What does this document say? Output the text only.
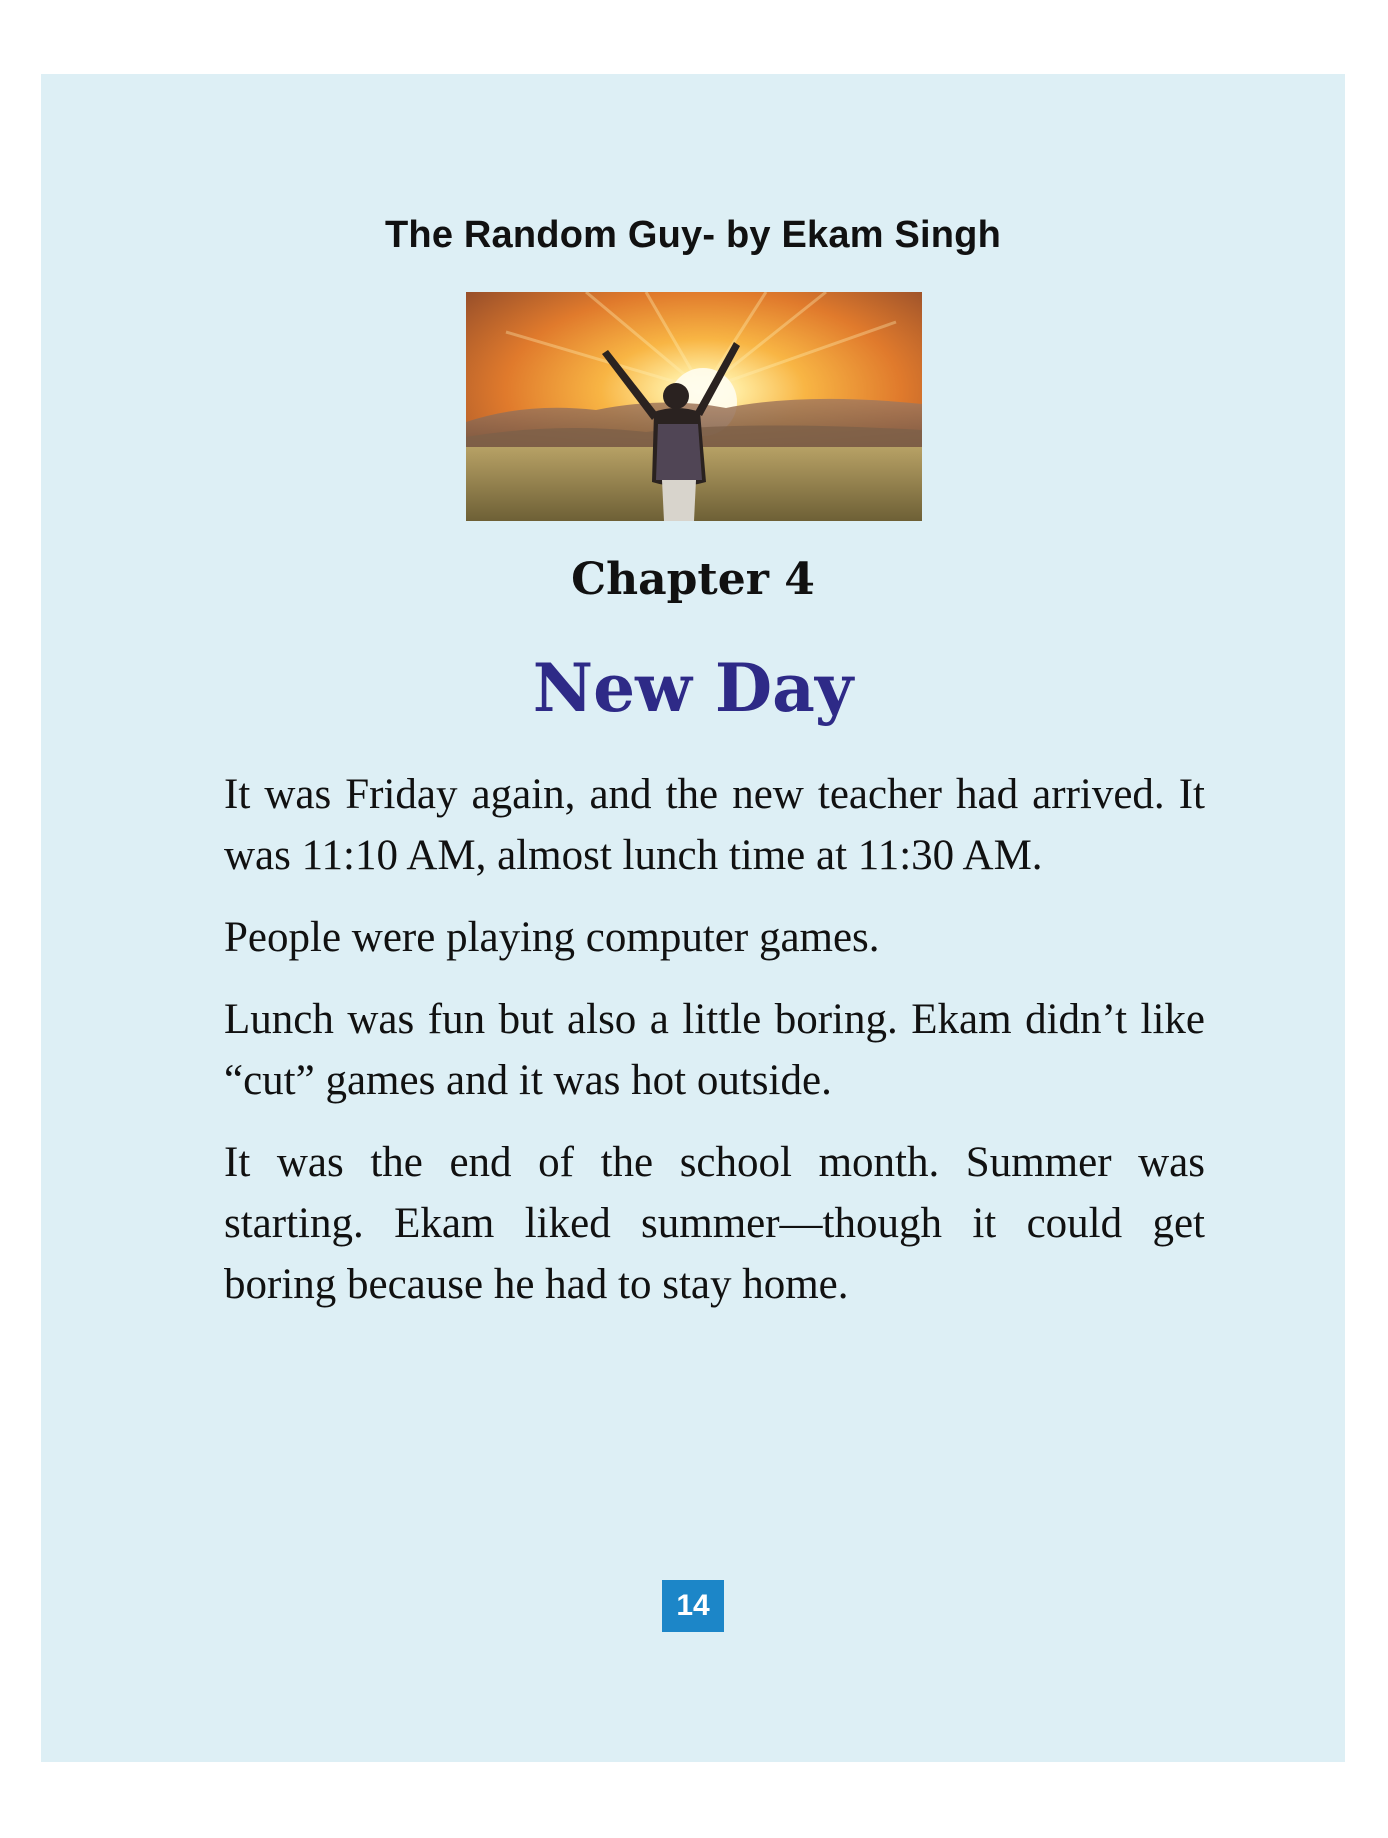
The Random Guy- by Ekam Singh
Chapter 4
New Day

It was Friday again, and the new teacher had arrived. It was 11:10 AM, almost lunch time at 11:30 AM.

People were playing computer games.

Lunch was fun but also a little boring. Ekam didn’t like “cut” games and it was hot outside.

It was the end of the school month. Summer was starting. Ekam liked summer—though it could get boring because he had to stay home.

14
